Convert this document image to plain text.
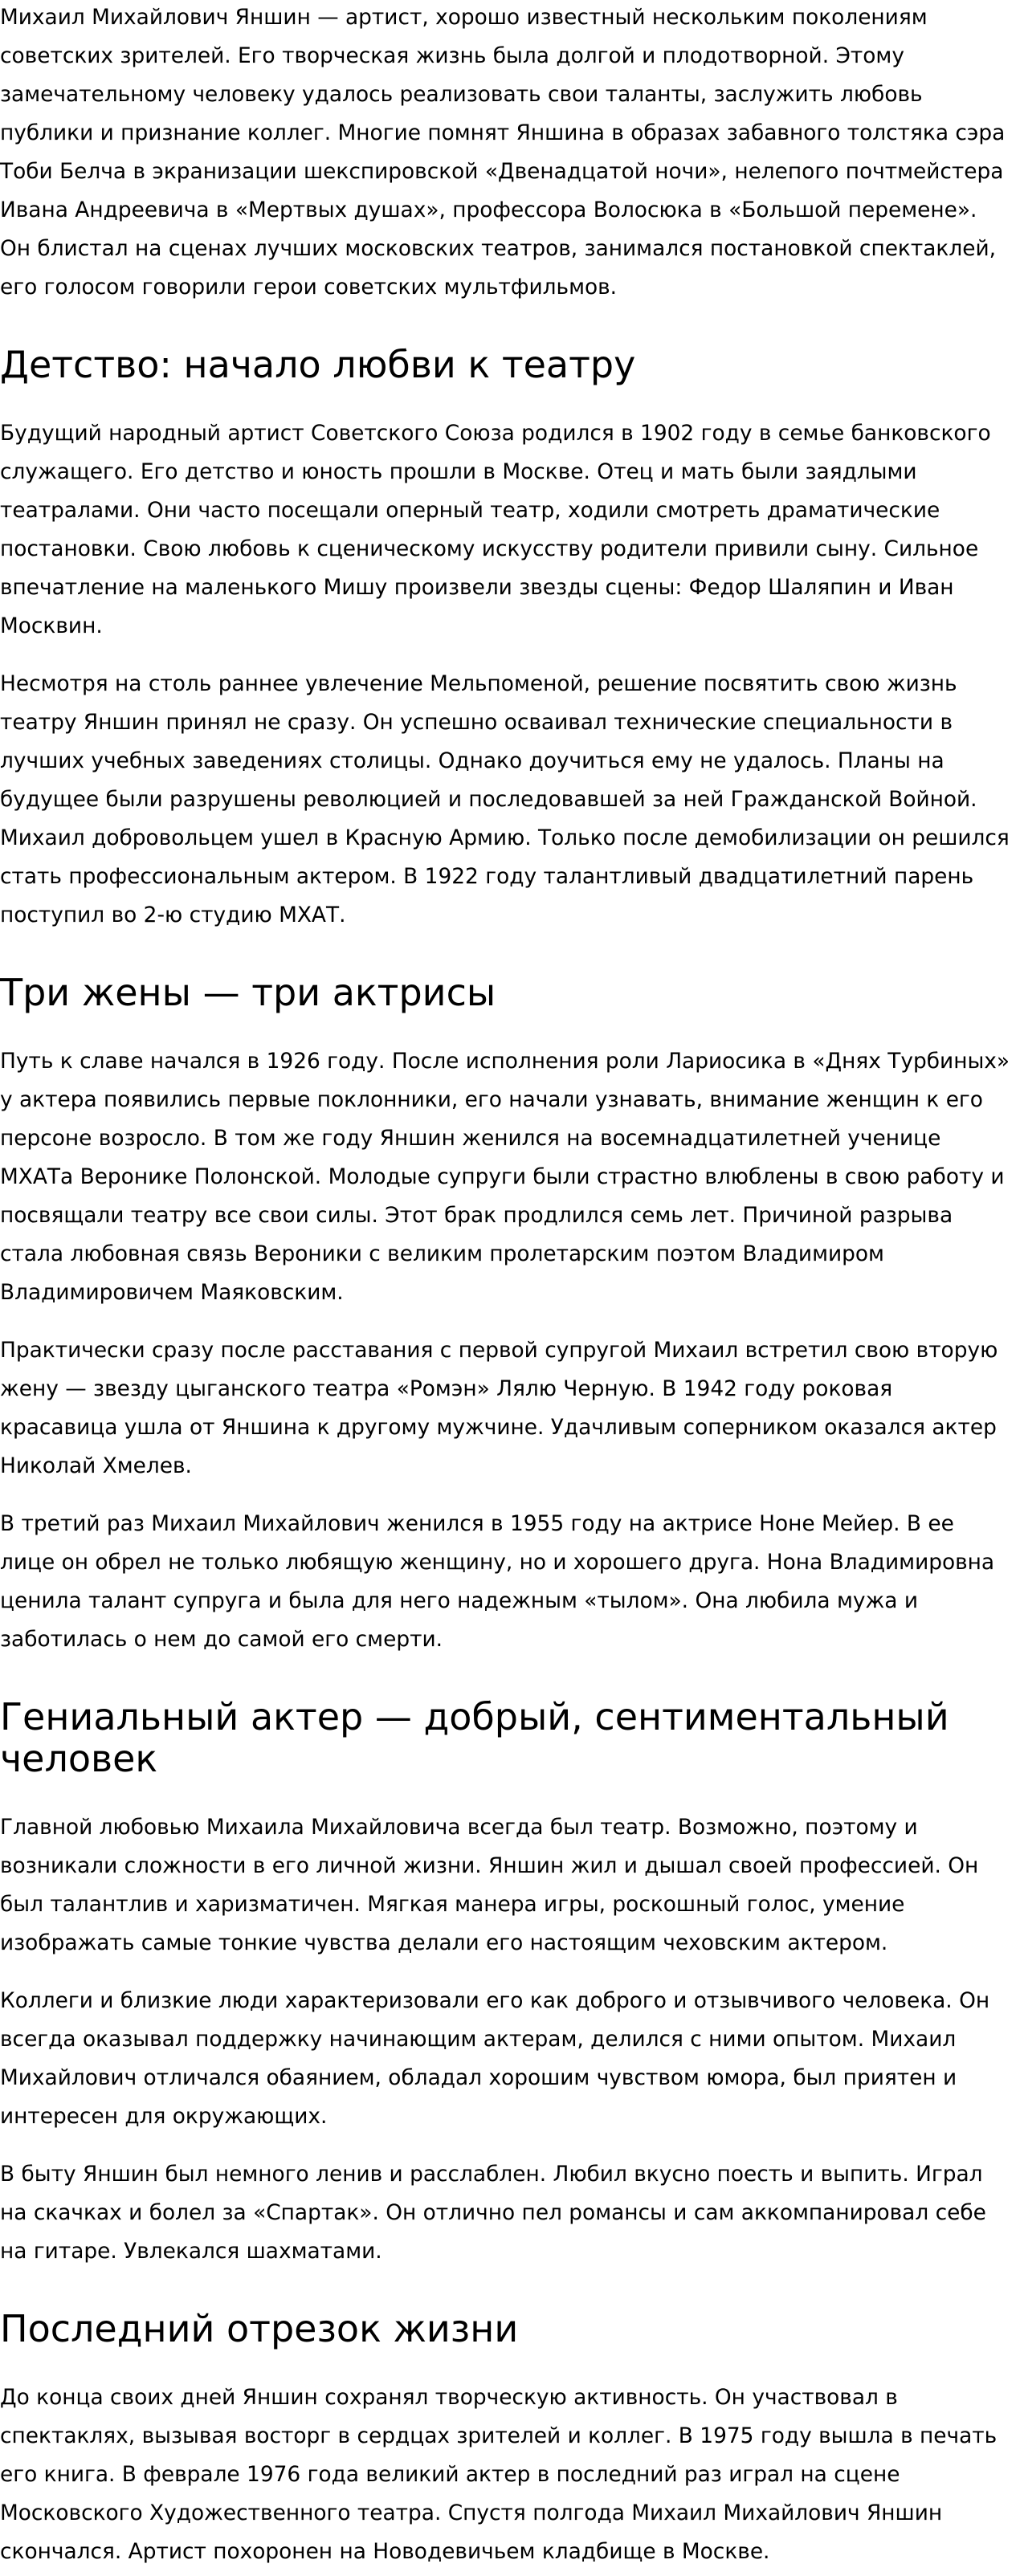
Михаил Михайлович Яншин — артист, хорошо известный нескольким поколениям советских зрителей. Его творческая жизнь была долгой и плодотворной. Этому замечательному человеку удалось реализовать свои таланты, заслужить любовь публики и признание коллег. Многие помнят Яншина в образах забавного толстяка сэра Тоби Белча в экранизации шекспировской «Двенадцатой ночи», нелепого почтмейстера Ивана Андреевича в «Мертвых душах», профессора Волосюка в «Большой перемене». Он блистал на сценах лучших московских театров, занимался постановкой спектаклей, его голосом говорили герои советских мультфильмов.

Детство: начало любви к театру

Будущий народный артист Советского Союза родился в 1902 году в семье банковского служащего. Его детство и юность прошли в Москве. Отец и мать были заядлыми театралами. Они часто посещали оперный театр, ходили смотреть драматические постановки. Свою любовь к сценическому искусству родители привили сыну. Сильное впечатление на маленького Мишу произвели звезды сцены: Федор Шаляпин и Иван Москвин.

Несмотря на столь раннее увлечение Мельпоменой, решение посвятить свою жизнь театру Яншин принял не сразу. Он успешно осваивал технические специальности в лучших учебных заведениях столицы. Однако доучиться ему не удалось. Планы на будущее были разрушены революцией и последовавшей за ней Гражданской Войной. Михаил добровольцем ушел в Красную Армию. Только после демобилизации он решился стать профессиональным актером. В 1922 году талантливый двадцатилетний парень поступил во 2-ю студию МХАТ.

Три жены — три актрисы

Путь к славе начался в 1926 году. После исполнения роли Лариосика в «Днях Турбиных» у актера появились первые поклонники, его начали узнавать, внимание женщин к его персоне возросло. В том же году Яншин женился на восемнадцатилетней ученице МХАТа Веронике Полонской. Молодые супруги были страстно влюблены в свою работу и посвящали театру все свои силы. Этот брак продлился семь лет. Причиной разрыва стала любовная связь Вероники с великим пролетарским поэтом Владимиром Владимировичем Маяковским.

Практически сразу после расставания с первой супругой Михаил встретил свою вторую жену — звезду цыганского театра «Ромэн» Лялю Черную. В 1942 году роковая красавица ушла от Яншина к другому мужчине. Удачливым соперником оказался актер Николай Хмелев.

В третий раз Михаил Михайлович женился в 1955 году на актрисе Ноне Мейер. В ее лице он обрел не только любящую женщину, но и хорошего друга. Нона Владимировна ценила талант супруга и была для него надежным «тылом». Она любила мужа и заботилась о нем до самой его смерти.

Гениальный актер — добрый, сентиментальный человек

Главной любовью Михаила Михайловича всегда был театр. Возможно, поэтому и возникали сложности в его личной жизни. Яншин жил и дышал своей профессией. Он был талантлив и харизматичен. Мягкая манера игры, роскошный голос, умение изображать самые тонкие чувства делали его настоящим чеховским актером.

Коллеги и близкие люди характеризовали его как доброго и отзывчивого человека. Он всегда оказывал поддержку начинающим актерам, делился с ними опытом. Михаил Михайлович отличался обаянием, обладал хорошим чувством юмора, был приятен и интересен для окружающих.

В быту Яншин был немного ленив и расслаблен. Любил вкусно поесть и выпить. Играл на скачках и болел за «Спартак». Он отлично пел романсы и сам аккомпанировал себе на гитаре. Увлекался шахматами.

Последний отрезок жизни

До конца своих дней Яншин сохранял творческую активность. Он участвовал в спектаклях, вызывая восторг в сердцах зрителей и коллег. В 1975 году вышла в печать его книга. В феврале 1976 года великий актер в последний раз играл на сцене Московского Художественного театра. Спустя полгода Михаил Михайлович Яншин скончался. Артист похоронен на Новодевичьем кладбище в Москве.
